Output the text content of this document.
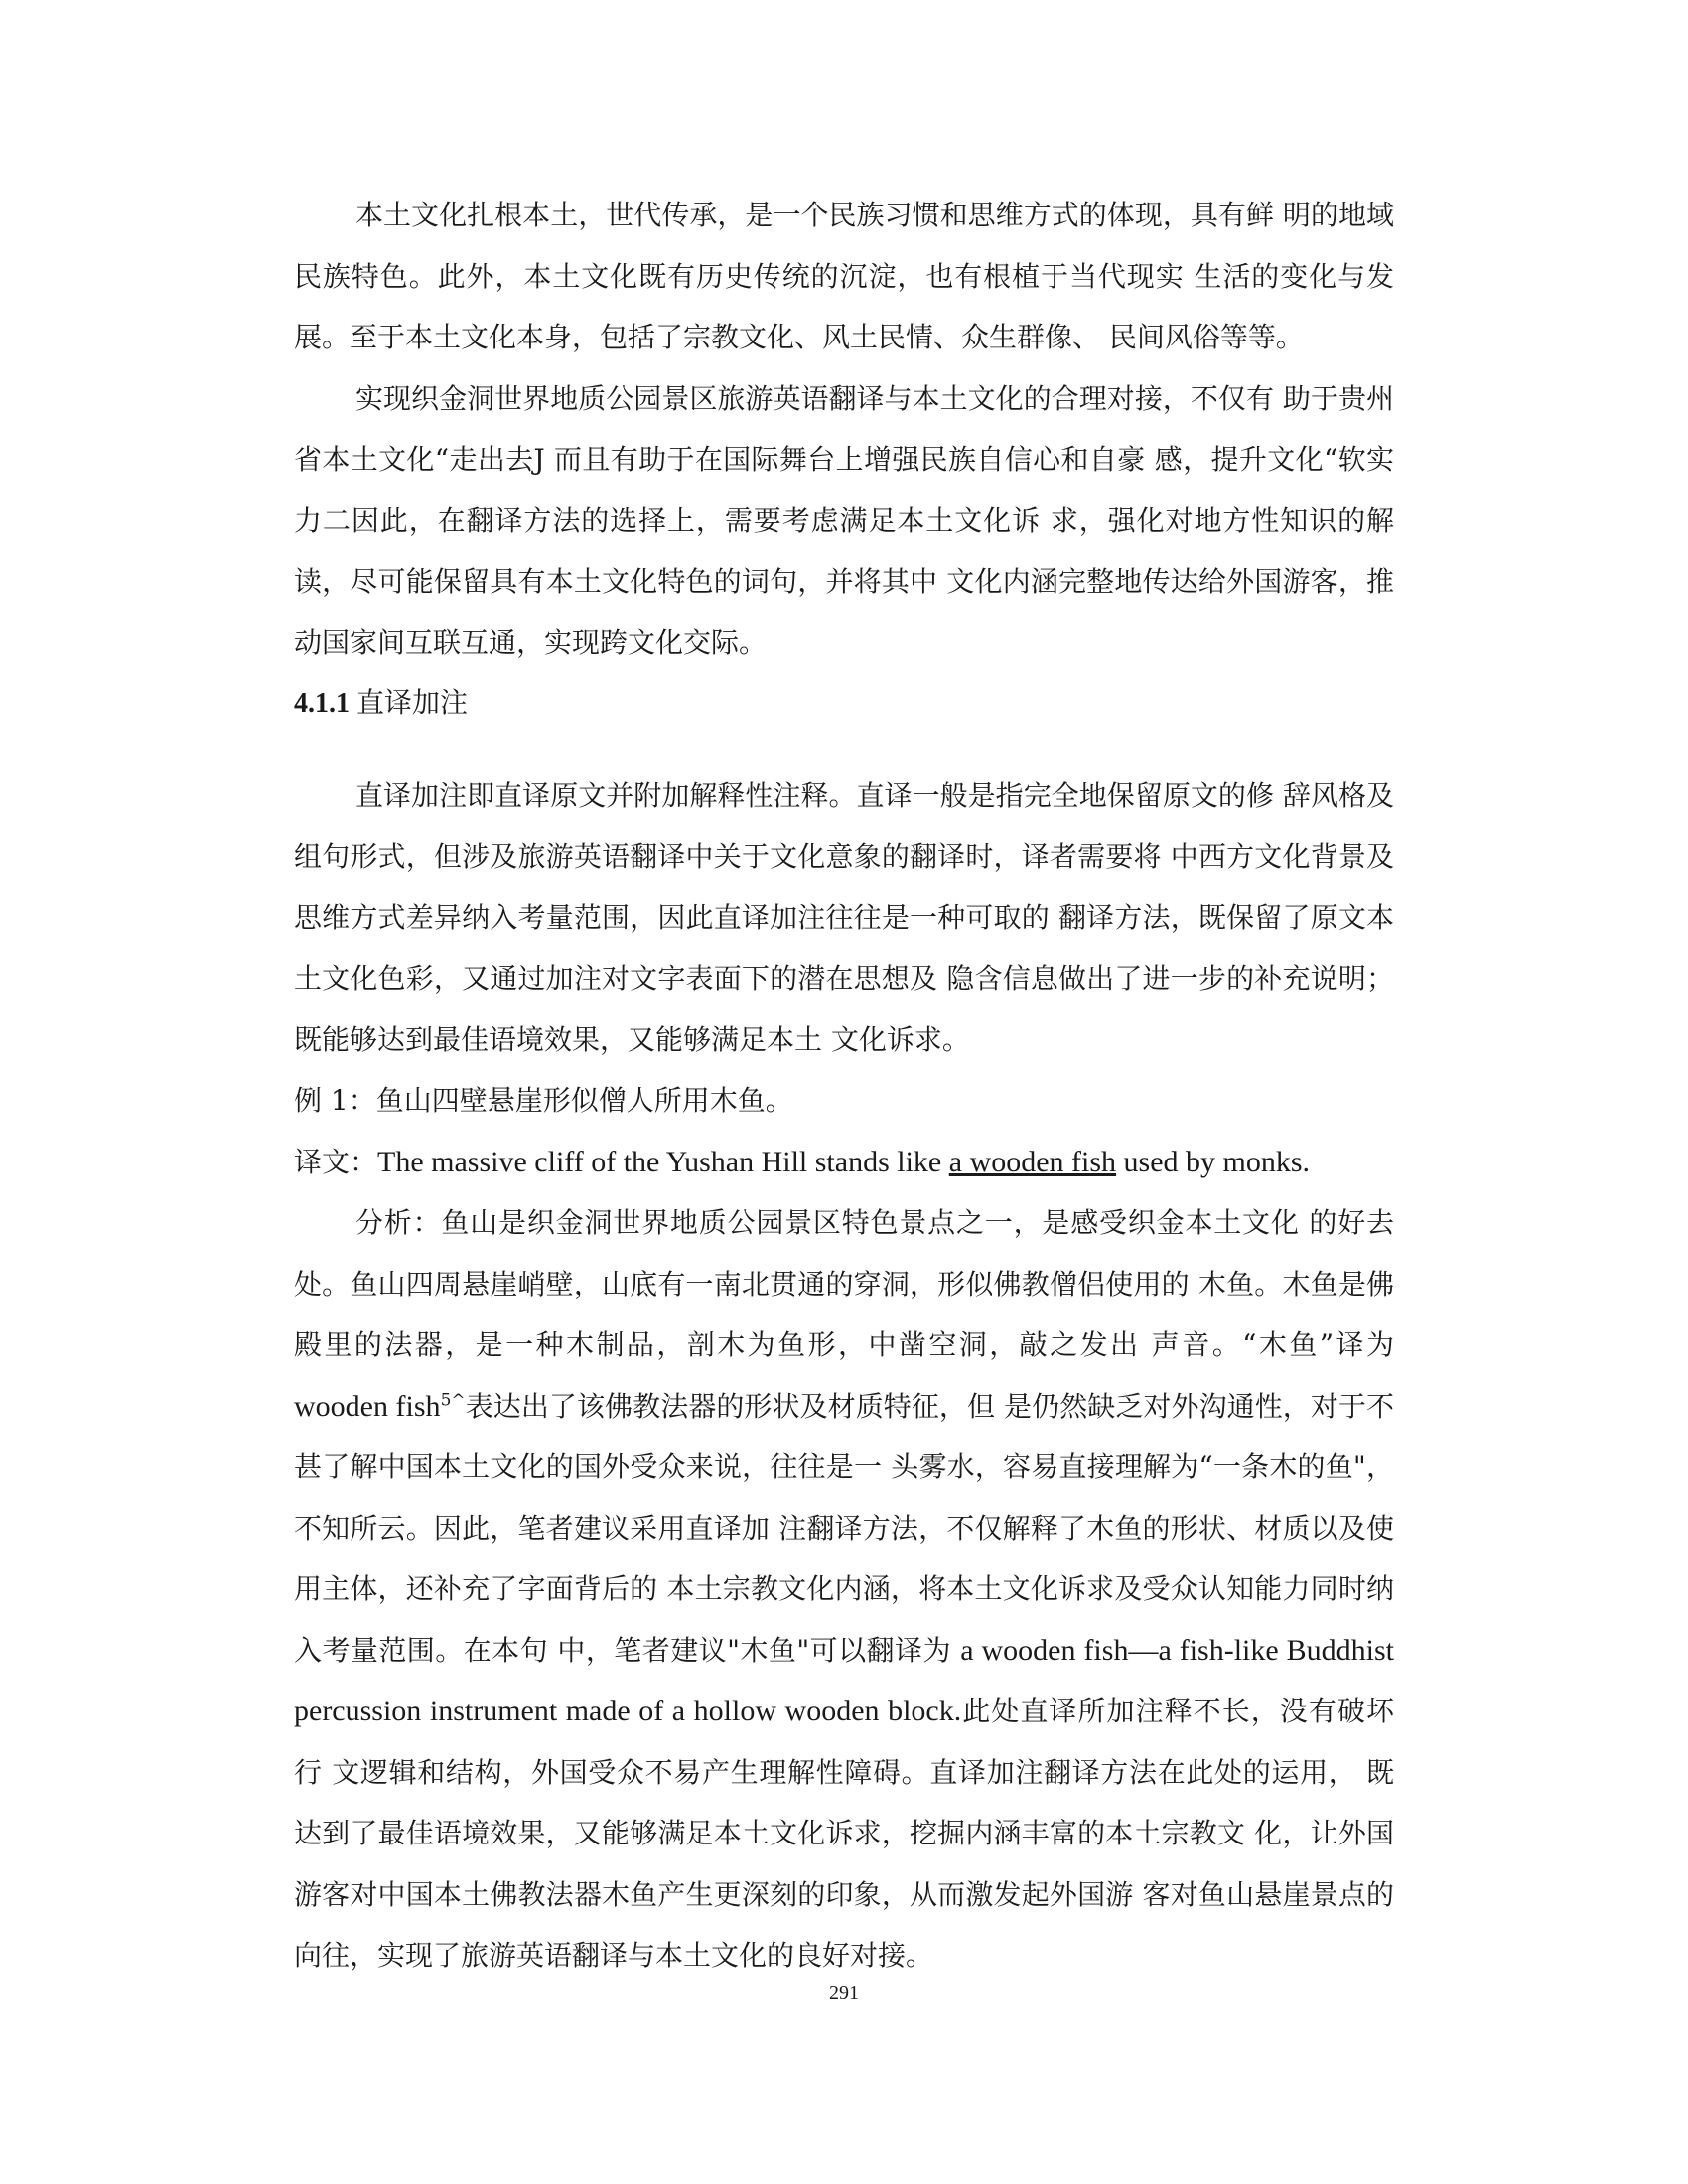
本土文化扎根本土，世代传承，是一个民族习惯和思维方式的体现，具有鲜 明的地域民族特色。此外，本土文化既有历史传统的沉淀，也有根植于当代现实 生活的变化与发展。至于本土文化本身，包括了宗教文化、风土民情、众生群像、 民间风俗等等。

实现织金洞世界地质公园景区旅游英语翻译与本土文化的合理对接，不仅有 助于贵州省本土文化“走出去J 而且有助于在国际舞台上增强民族自信心和自豪 感，提升文化“软实力二因此，在翻译方法的选择上，需要考虑满足本土文化诉 求，强化对地方性知识的解读，尽可能保留具有本土文化特色的词句，并将其中 文化内涵完整地传达给外国游客，推动国家间互联互通，实现跨文化交际。

4.1.1 直译加注

直译加注即直译原文并附加解释性注释。直译一般是指完全地保留原文的修 辞风格及组句形式，但涉及旅游英语翻译中关于文化意象的翻译时，译者需要将 中西方文化背景及思维方式差异纳入考量范围，因此直译加注往往是一种可取的 翻译方法，既保留了原文本土文化色彩，又通过加注对文字表面下的潜在思想及 隐含信息做出了进一步的补充说明；既能够达到最佳语境效果，又能够满足本土 文化诉求。

例 1：鱼山四壁悬崖形似僧人所用木鱼。

译文：The massive cliff of the Yushan Hill stands like a wooden fish used by monks.

分析：鱼山是织金洞世界地质公园景区特色景点之一，是感受织金本土文化 的好去处。鱼山四周悬崖峭壁，山底有一南北贯通的穿洞，形似佛教僧侣使用的 木鱼。木鱼是佛殿里的法器，是一种木制品，剖木为鱼形，中凿空洞，敲之发出 声音。“木鱼”译为 wooden fish$^{5\^{}}$表达出了该佛教法器的形状及材质特征，但 是仍然缺乏对外沟通性，对于不甚了解中国本土文化的国外受众来说，往往是一 头雾水，容易直接理解为“一条木的鱼"，不知所云。因此，笔者建议采用直译加 注翻译方法，不仅解释了木鱼的形状、材质以及使用主体，还补充了字面背后的 本土宗教文化内涵，将本土文化诉求及受众认知能力同时纳入考量范围。在本句 中，笔者建议"木鱼"可以翻译为 a wooden fish—a fish-like Buddhist percussion instrument made of a hollow wooden block.此处直译所加注释不长，没有破坏行 文逻辑和结构，外国受众不易产生理解性障碍。直译加注翻译方法在此处的运用， 既达到了最佳语境效果，又能够满足本土文化诉求，挖掘内涵丰富的本土宗教文 化，让外国游客对中国本土佛教法器木鱼产生更深刻的印象，从而激发起外国游 客对鱼山悬崖景点的向往，实现了旅游英语翻译与本土文化的良好对接。

291
